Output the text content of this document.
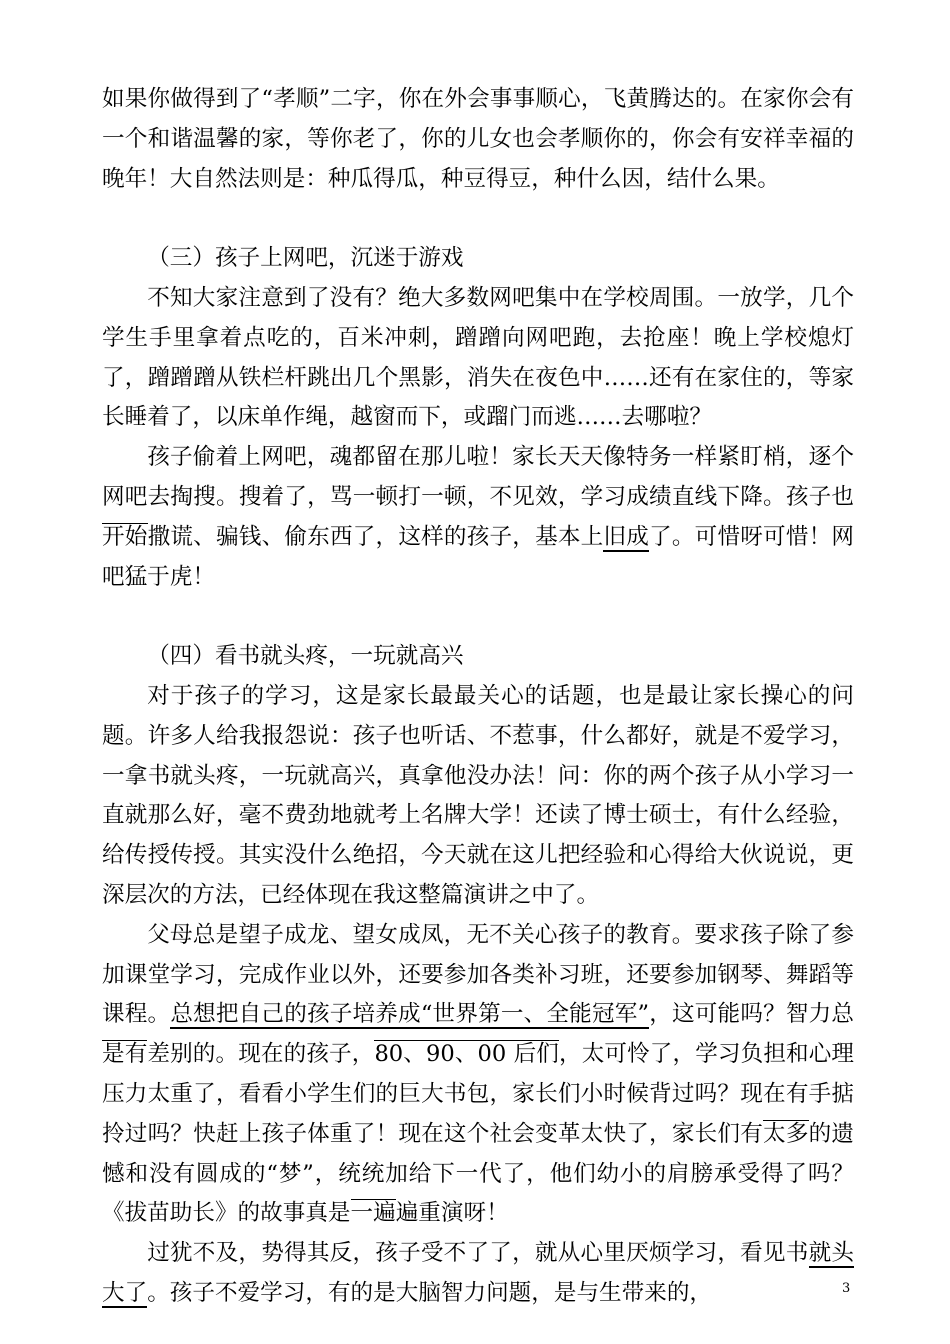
如果你做得到了“孝顺”二字，你在外会事事顺心，飞黄腾达的。在家你会有一个和谐温馨的家，等你老了，你的儿女也会孝顺你的，你会有安祥幸福的晚年！大自然法则是：种瓜得瓜，种豆得豆，种什么因，结什么果。

（三）孩子上网吧，沉迷于游戏

不知大家注意到了没有？绝大多数网吧集中在学校周围。一放学，几个学生手里拿着点吃的，百米冲刺，蹭蹭向网吧跑，去抢座！晚上学校熄灯了，蹭蹭蹭从铁栏杆跳出几个黑影，消失在夜色中……还有在家住的，等家长睡着了，以床单作绳，越窗而下，或蹓门而逃……去哪啦？

孩子偷着上网吧，魂都留在那儿啦！家长天天像特务一样紧盯梢，逐个网吧去掏搜。搜着了，骂一顿打一顿，不见效，学习成绩直线下降。孩子也开始撒谎、骗钱、偷东西了，这样的孩子，基本上旧成了。可惜呀可惜！网吧猛于虎！

（四）看书就头疼，一玩就高兴

对于孩子的学习，这是家长最最关心的话题，也是最让家长操心的问题。许多人给我报怨说：孩子也听话、不惹事，什么都好，就是不爱学习，一拿书就头疼，一玩就高兴，真拿他没办法！问：你的两个孩子从小学习一直就那么好，毫不费劲地就考上名牌大学！还读了博士硕士，有什么经验，给传授传授。其实没什么绝招，今天就在这儿把经验和心得给大伙说说，更深层次的方法，已经体现在我这整篇演讲之中了。

父母总是望子成龙、望女成凤，无不关心孩子的教育。要求孩子除了参加课堂学习，完成作业以外，还要参加各类补习班，还要参加钢琴、舞蹈等课程。总想把自己的孩子培养成“世界第一、全能冠军”，这可能吗？智力总是有差别的。现在的孩子，80、90、00 后们，太可怜了，学习负担和心理压力太重了，看看小学生们的巨大书包，家长们小时候背过吗？现在有手掂拎过吗？快赶上孩子体重了！现在这个社会变革太快了，家长们有太多的遗憾和没有圆成的“梦”，统统加给下一代了，他们幼小的肩膀承受得了吗？《拔苗助长》的故事真是一遍遍重演呀！

过犹不及，势得其反，孩子受不了了，就从心里厌烦学习，看见书就头大了。孩子不爱学习，有的是大脑智力问题，是与生带来的，	3
